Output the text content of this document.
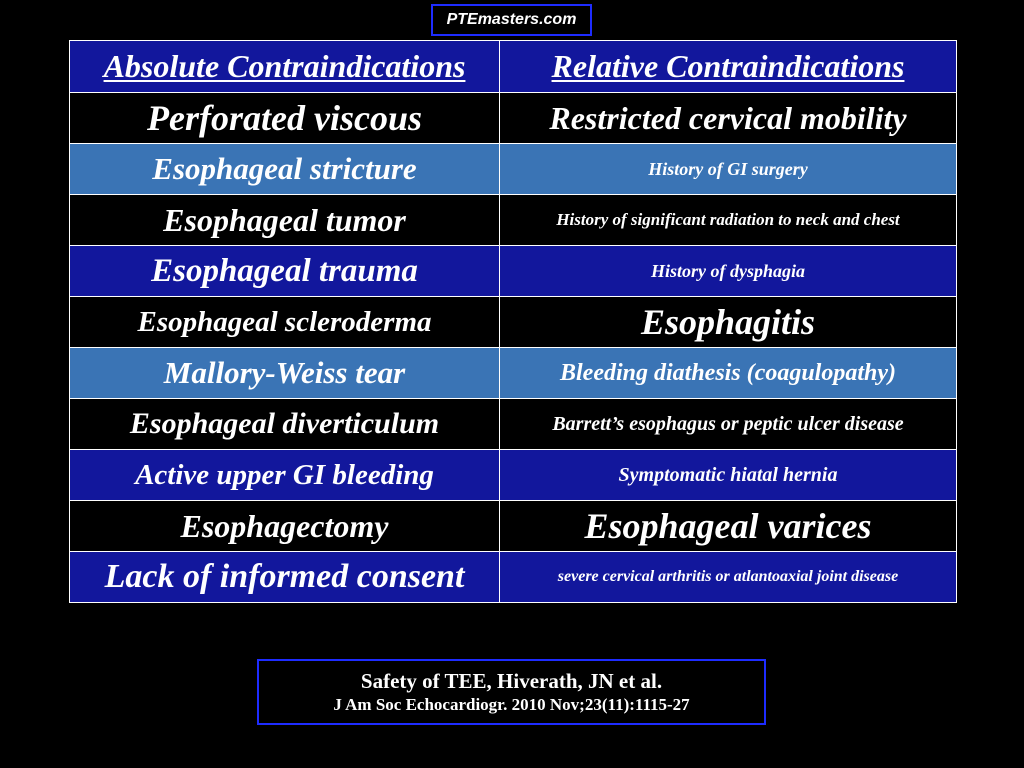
PTEmasters.com
Absolute Contraindications	Relative Contraindications
Perforated viscous	Restricted cervical mobility
Esophageal stricture	History of GI surgery
Esophageal tumor	History of significant radiation to neck and chest
Esophageal trauma	History of dysphagia
Esophageal scleroderma	Esophagitis
Mallory-Weiss tear	Bleeding diathesis (coagulopathy)
Esophageal diverticulum	Barrett’s esophagus or peptic ulcer disease
Active upper GI bleeding	Symptomatic hiatal hernia
Esophagectomy	Esophageal varices
Lack of informed consent	severe cervical arthritis or atlantoaxial joint disease
Safety of TEE, Hiverath, JN et al.
J Am Soc Echocardiogr. 2010 Nov;23(11):1115-27
